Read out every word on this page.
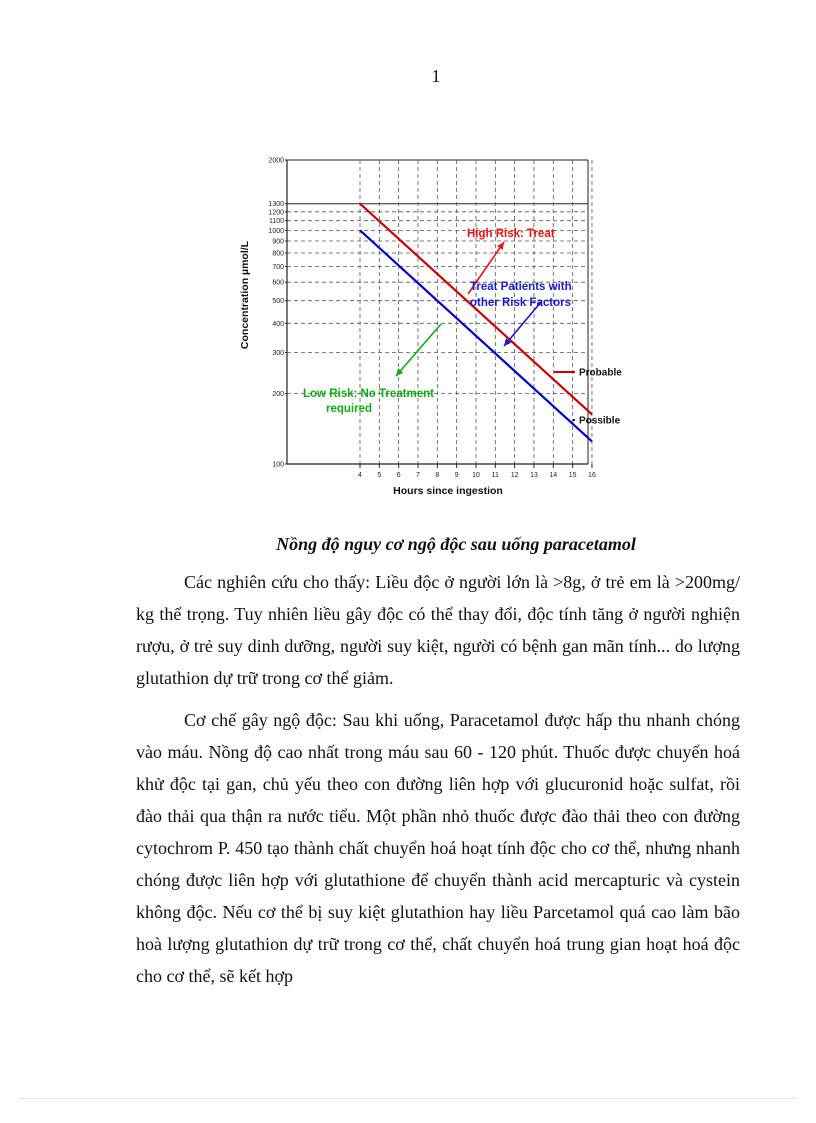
1
100
200
300
400
500
600
700
800
900
1000
1100
1200
1300
2000
4 5 6 7 8 9 10 11 12 13 14 15 16
Hours since ingestion
Concentration µmol/L
Probable
Possible
High Risk: Treat
Treat Patients with
other Risk Factors
Low Risk: No Treatment
required
Nồng độ nguy cơ ngộ độc sau uống paracetamol

Các nghiên cứu cho thấy: Liều độc ở người lớn là >8g, ở trẻ em là >200mg/ kg thể trọng. Tuy nhiên liều gây độc có thể thay đổi, độc tính tăng ở người nghiện rượu, ở trẻ suy dinh dưỡng, người suy kiệt, người có bệnh gan mãn tính... do lượng glutathion dự trữ trong cơ thể giảm.

Cơ chế gây ngộ độc: Sau khi uống, Paracetamol được hấp thu nhanh chóng vào máu. Nồng độ cao nhất trong máu sau 60 - 120 phút. Thuốc được chuyển hoá khử độc tại gan, chủ yếu theo con đường liên hợp với glucuronid hoặc sulfat, rồi đào thải qua thận ra nước tiểu. Một phần nhỏ thuốc được đào thải theo con đường cytochrom P. 450 tạo thành chất chuyển hoá hoạt tính độc cho cơ thể, nhưng nhanh chóng được liên hợp với glutathione để chuyển thành acid mercapturic và cystein không độc. Nếu cơ thể bị suy kiệt glutathion hay liều Parcetamol quá cao làm bão hoà lượng glutathion dự trữ trong cơ thể, chất chuyển hoá trung gian hoạt hoá độc cho cơ thể, sẽ kết hợp
